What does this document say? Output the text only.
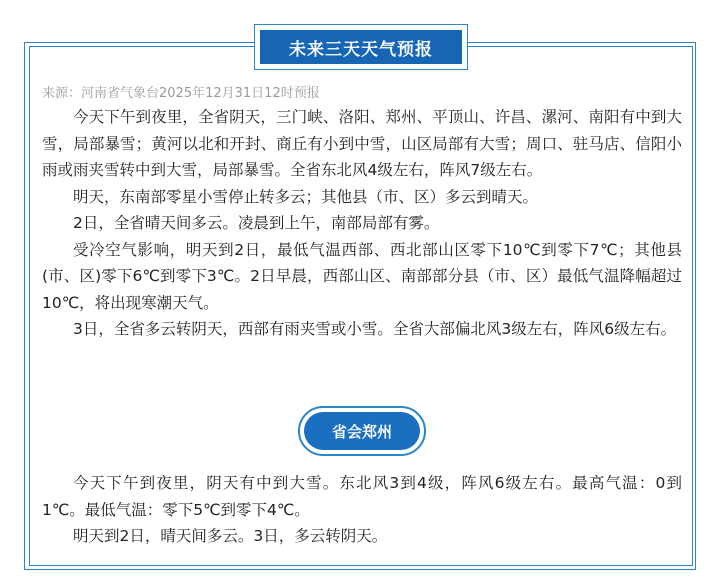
未来三天天气预报
来源：河南省气象台2025年12月31日12时预报

今天下午到夜里，全省阴天，三门峡、洛阳、郑州、平顶山、许昌、漯河、南阳有中到大雪，局部暴雪；黄河以北和开封、商丘有小到中雪，山区局部有大雪；周口、驻马店、信阳小雨或雨夹雪转中到大雪，局部暴雪。全省东北风4级左右，阵风7级左右。

明天，东南部零星小雪停止转多云；其他县（市、区）多云到晴天。

2日，全省晴天间多云。凌晨到上午，南部局部有雾。

受冷空气影响，明天到2日，最低气温西部、西北部山区零下10℃到零下7℃；其他县(市、区)零下6℃到零下3℃。2日早晨，西部山区、南部部分县（市、区）最低气温降幅超过10℃，将出现寒潮天气。

3日，全省多云转阴天，西部有雨夹雪或小雪。全省大部偏北风3级左右，阵风6级左右。

省会郑州

今天下午到夜里，阴天有中到大雪。东北风3到4级，阵风6级左右。最高气温：0到1℃。最低气温：零下5℃到零下4℃。

明天到2日，晴天间多云。3日，多云转阴天。
